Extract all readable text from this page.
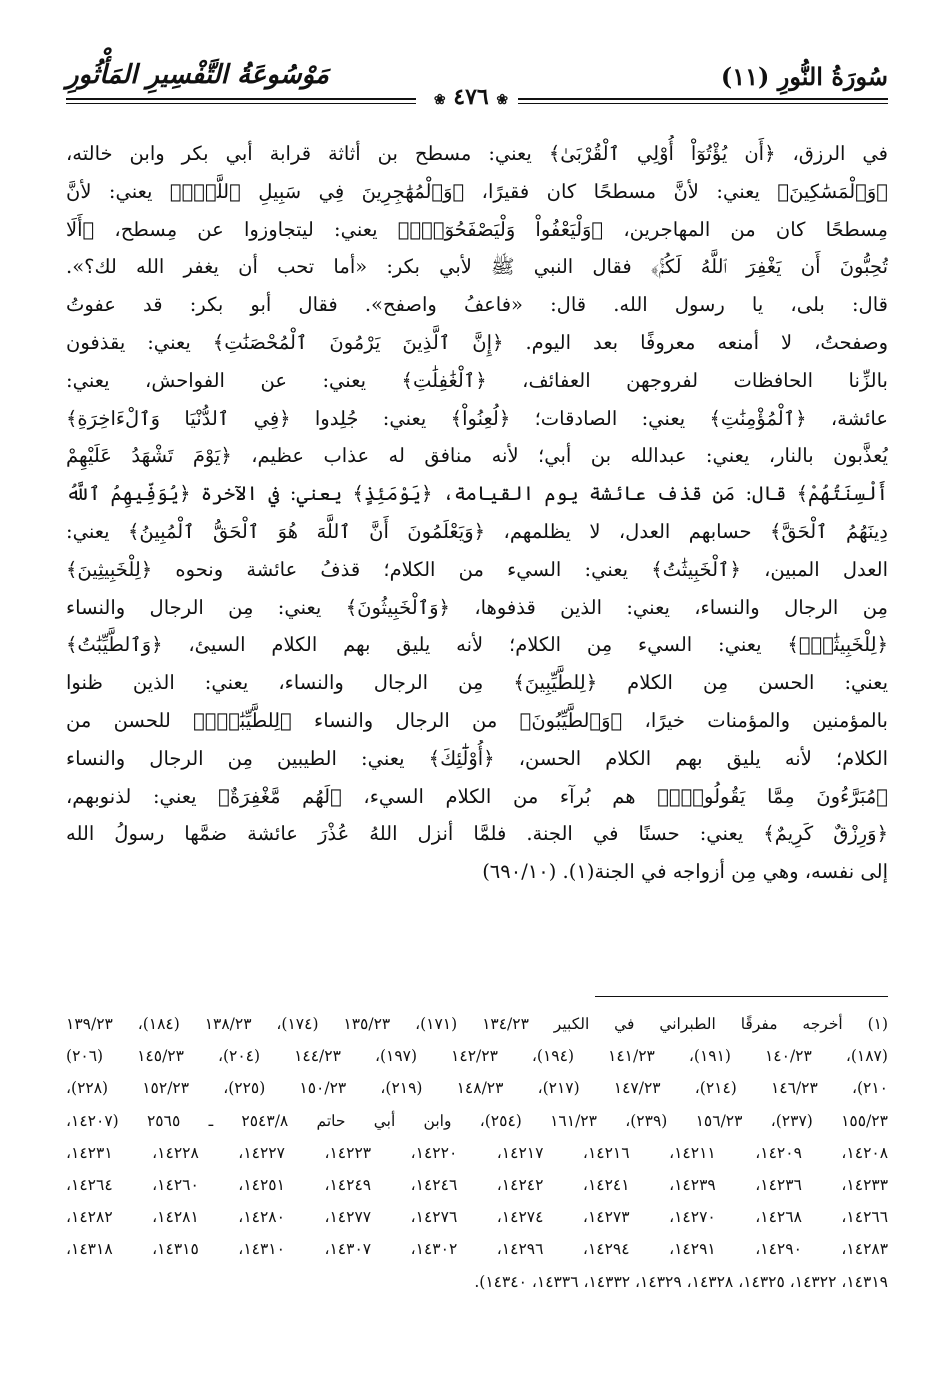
سُورَةُ النُّورِ (١١)
مَوْسُوعَةُ التَّفْسِيرِ المَأْثُورِ
❀ ٤٧٦ ❀
في الرزق، ﴿أَن يُؤْتُوٓاْ أُوْلِي ٱلْقُرْبَىٰ﴾ يعني: مسطح بن أثاثة قرابة أبي بكر وابن خالته،
﴿وَٱلْمَسَٰكِينَ﴾ يعني: لأنَّ مسطحًا كان فقيرًا، ﴿وَٱلْمُهَٰجِرِينَ فِي سَبِيلِ ٱللَّهِۖ﴾ يعني: لأنَّ
مِسطحًا كان من المهاجرين، ﴿وَلْيَعْفُواْ وَلْيَصْفَحُوٓاْۗ﴾ يعني: ليتجاوزوا عن مِسطح، ﴿أَلَا
تُحِبُّونَ أَن يَغْفِرَ ٱللَّهُ لَكُمْۚ﴾ فقال النبي ﷺ لأبي بكر: «أما تحب أن يغفر الله لك؟».
قال: بلى، يا رسول الله. قال: «فاعفُ واصفح». فقال أبو بكر: قد عفوتُ
وصفحتُ، لا أمنعه معروفًا بعد اليوم. ﴿إِنَّ ٱلَّذِينَ يَرْمُونَ ٱلْمُحْصَنَٰتِ﴾ يعني: يقذفون
بالزِّنا الحافظات لفروجهن العفائف، ﴿ٱلْغَٰفِلَٰتِ﴾ يعني: عن الفواحش، يعني:
عائشة، ﴿ٱلْمُؤْمِنَٰتِ﴾ يعني: الصادقات؛ ﴿لُعِنُواْ﴾ يعني: جُلِدوا ﴿فِي ٱلدُّنْيَا وَٱلْءَاخِرَةِ﴾
يُعذَّبون بالنار، يعني: عبدالله بن أبي؛ لأنه منافق له عذاب عظيم، ﴿يَوْمَ تَشْهَدُ عَلَيْهِمْ
أَلْسِنَتُهُمْ﴾ قال: مَن قذف عائشة يوم القيامة، ﴿يَوْمَئِذٍ﴾ يعني: في الآخرة ﴿يُوَفِّيهِمُ ٱللَّهُ
دِينَهُمُ ٱلْحَقَّ﴾ حسابهم العدل، لا يظلمهم، ﴿وَيَعْلَمُونَ أَنَّ ٱللَّهَ هُوَ ٱلْحَقُّ ٱلْمُبِينُ﴾ يعني:
العدل المبين، ﴿ٱلْخَبِيثَٰتُ﴾ يعني: السيء من الكلام؛ قذفُ عائشة ونحوه ﴿لِلْخَبِيثِينَ﴾
مِن الرجال والنساء، يعني: الذين قذفوها، ﴿وَٱلْخَبِيثُونَ﴾ يعني: مِن الرجال والنساء
﴿لِلْخَبِيثَٰتِۖ﴾ يعني: السيء مِن الكلام؛ لأنه يليق بهم الكلام السيئ، ﴿وَٱلطَّيِّبَٰتُ﴾
يعني: الحسن مِن الكلام ﴿لِلطَّيِّبِينَ﴾ مِن الرجال والنساء، يعني: الذين ظنوا
بالمؤمنين والمؤمنات خيرًا، ﴿وَٱلطَّيِّبُونَ﴾ من الرجال والنساء ﴿لِلطَّيِّبَٰتِۚ﴾ للحسن من
الكلام؛ لأنه يليق بهم الكلام الحسن، ﴿أُوْلَٰٓئِكَ﴾ يعني: الطيبين مِن الرجال والنساء
﴿مُبَرَّءُونَ مِمَّا يَقُولُونَۖ﴾ هم بُرآء من الكلام السيء، ﴿لَهُم مَّغْفِرَةٌ﴾ يعني: لذنوبهم،
﴿وَرِزْقٌ كَرِيمٌ﴾ يعني: حسنًا في الجنة. فلمَّا أنزل اللهُ عُذْرَ عائشة ضمَّها رسولُ الله
إلى نفسه، وهي مِن أزواجه في الجنة(١). (٦٩٠/١٠)
(١) أخرجه مفرقًا الطبراني في الكبير ١٣٤/٢٣ (١٧١)، ١٣٥/٢٣ (١٧٤)، ١٣٨/٢٣ (١٨٤)، ١٣٩/٢٣
(١٨٧)، ١٤٠/٢٣ (١٩١)، ١٤١/٢٣ (١٩٤)، ١٤٢/٢٣ (١٩٧)، ١٤٤/٢٣ (٢٠٤)، ١٤٥/٢٣ (٢٠٦)
٢١٠)، ١٤٦/٢٣ (٢١٤)، ١٤٧/٢٣ (٢١٧)، ١٤٨/٢٣ (٢١٩)، ١٥٠/٢٣ (٢٢٥)، ١٥٢/٢٣ (٢٢٨)،
١٥٥/٢٣ (٢٣٧)، ١٥٦/٢٣ (٢٣٩)، ١٦١/٢٣ (٢٥٤)، وابن أبي حاتم ٢٥٤٣/٨ ـ ٢٥٦٥ (١٤٢٠٧،
١٤٢٠٨، ١٤٢٠٩، ١٤٢١١، ١٤٢١٦، ١٤٢١٧، ١٤٢٢٠، ١٤٢٢٣، ١٤٢٢٧، ١٤٢٢٨، ١٤٢٣١،
١٤٢٣٣، ١٤٢٣٦، ١٤٢٣٩، ١٤٢٤١، ١٤٢٤٢، ١٤٢٤٦، ١٤٢٤٩، ١٤٢٥١، ١٤٢٦٠، ١٤٢٦٤،
١٤٢٦٦، ١٤٢٦٨، ١٤٢٧٠، ١٤٢٧٣، ١٤٢٧٤، ١٤٢٧٦، ١٤٢٧٧، ١٤٢٨٠، ١٤٢٨١، ١٤٢٨٢،
١٤٢٨٣، ١٤٢٩٠، ١٤٢٩١، ١٤٢٩٤، ١٤٢٩٦، ١٤٣٠٢، ١٤٣٠٧، ١٤٣١٠، ١٤٣١٥، ١٤٣١٨،
١٤٣١٩، ١٤٣٢٢، ١٤٣٢٥، ١٤٣٢٨، ١٤٣٢٩، ١٤٣٣٢، ١٤٣٣٦، ١٤٣٤٠).
